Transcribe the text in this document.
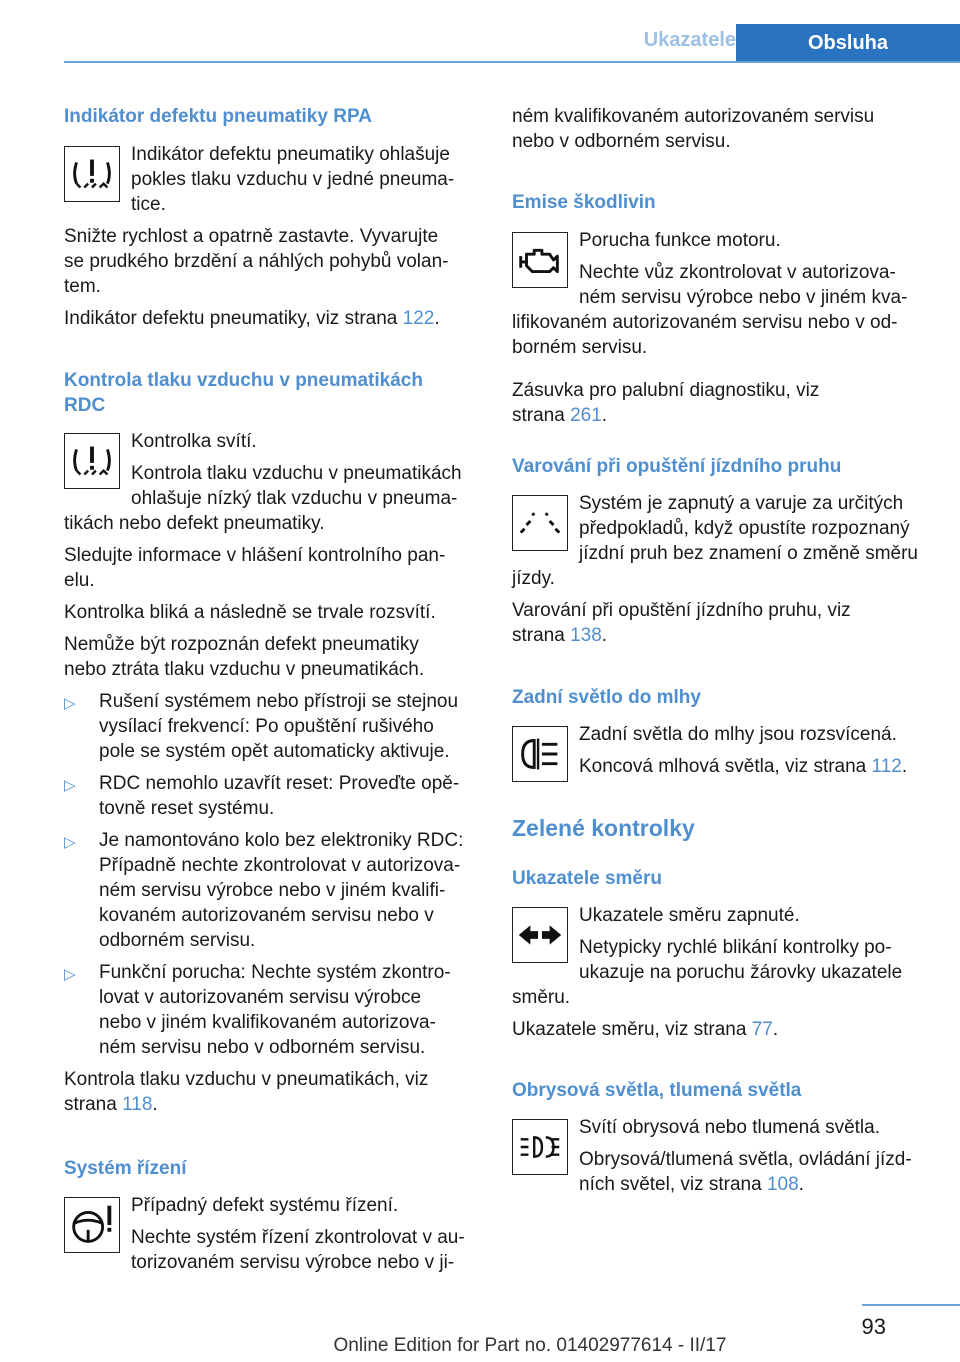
Ukazatele	Obsluha
Indikátor defektu pneumatiky RPA
Indikátor defektu pneumatiky ohlašuje
pokles tlaku vzduchu v jedné pneuma‐
tice.
Snižte rychlost a opatrně zastavte. Vyvarujte
se prudkého brzdění a náhlých pohybů volan‐
tem.
Indikátor defektu pneumatiky, viz strana 122.
Kontrola tlaku vzduchu v pneumatikách
RDC
Kontrolka svítí.
Kontrola tlaku vzduchu v pneumatikách
ohlašuje nízký tlak vzduchu v pneuma‐
tikách nebo defekt pneumatiky.
Sledujte informace v hlášení kontrolního pan‐
elu.
Kontrolka bliká a následně se trvale rozsvítí.
Nemůže být rozpoznán defekt pneumatiky
nebo ztráta tlaku vzduchu v pneumatikách.
▷ Rušení systémem nebo přístroji se stejnou
vysílací frekvencí: Po opuštění rušivého
pole se systém opět automaticky aktivuje.
▷ RDC nemohlo uzavřít reset: Proveďte opě‐
tovně reset systému.
▷ Je namontováno kolo bez elektroniky RDC:
Případně nechte zkontrolovat v autorizova‐
ném servisu výrobce nebo v jiném kvalifi‐
kovaném autorizovaném servisu nebo v
odborném servisu.
▷ Funkční porucha: Nechte systém zkontro‐
lovat v autorizovaném servisu výrobce
nebo v jiném kvalifikovaném autorizova‐
ném servisu nebo v odborném servisu.
Kontrola tlaku vzduchu v pneumatikách, viz
strana 118.
Systém řízení
Případný defekt systému řízení.
Nechte systém řízení zkontrolovat v au‐
torizovaném servisu výrobce nebo v ji‐
ném kvalifikovaném autorizovaném servisu
nebo v odborném servisu.
Emise škodlivin
Porucha funkce motoru.
Nechte vůz zkontrolovat v autorizova‐
ném servisu výrobce nebo v jiném kva‐
lifikovaném autorizovaném servisu nebo v od‐
borném servisu.
Zásuvka pro palubní diagnostiku, viz
strana 261.
Varování při opuštění jízdního pruhu
Systém je zapnutý a varuje za určitých
předpokladů, když opustíte rozpoznaný
jízdní pruh bez znamení o změně směru
jízdy.
Varování při opuštění jízdního pruhu, viz
strana 138.
Zadní světlo do mlhy
Zadní světla do mlhy jsou rozsvícená.
Koncová mlhová světla, viz strana 112.
Zelené kontrolky
Ukazatele směru
Ukazatele směru zapnuté.
Netypicky rychlé blikání kontrolky po‐
ukazuje na poruchu žárovky ukazatele
směru.
Ukazatele směru, viz strana 77.
Obrysová světla, tlumená světla
Svítí obrysová nebo tlumená světla.
Obrysová/tlumená světla, ovládání jízd‐
ních světel, viz strana 108.
93
Online Edition for Part no. 01402977614 - II/17
